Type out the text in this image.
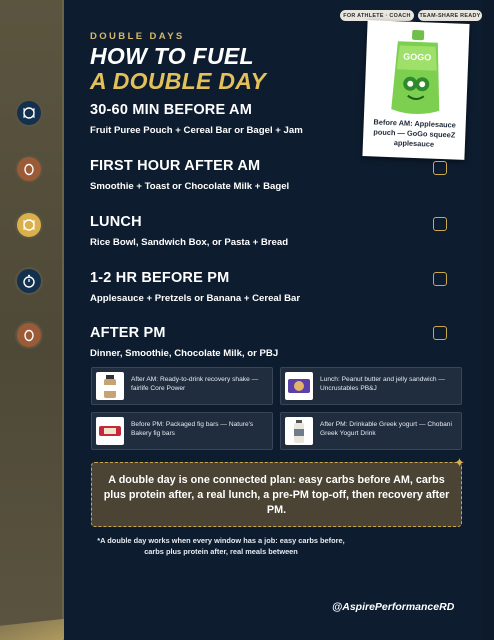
DOUBLE DAYS
HOW TO FUEL
A DOUBLE DAY
FOR ATHLETE · COACH	TEAM-SHARE READY
GOGO
Before AM: Applesauce pouch — GoGo squeeZ applesauce
30-60 MIN BEFORE AM
Fruit Puree Pouch + Cereal Bar or Bagel + Jam
FIRST HOUR AFTER AM
Smoothie + Toast or Chocolate Milk + Bagel
LUNCH
Rice Bowl, Sandwich Box, or Pasta + Bread
1-2 HR BEFORE PM
Applesauce + Pretzels or Banana + Cereal Bar
AFTER PM
Dinner, Smoothie, Chocolate Milk, or PBJ
After AM: Ready-to-drink recovery shake — fairlife Core Power
Lunch: Peanut butter and jelly sandwich — Uncrustables PB&J
Before PM: Packaged fig bars — Nature's Bakery fig bars
After PM: Drinkable Greek yogurt — Chobani Greek Yogurt Drink
A double day is one connected plan: easy carbs before AM, carbs plus protein after, a real lunch, a pre-PM top-off, then recovery after PM.
✦
*A double day works when every window has a job: easy carbs before, carbs plus protein after, real meals between
@AspirePerformanceRD
